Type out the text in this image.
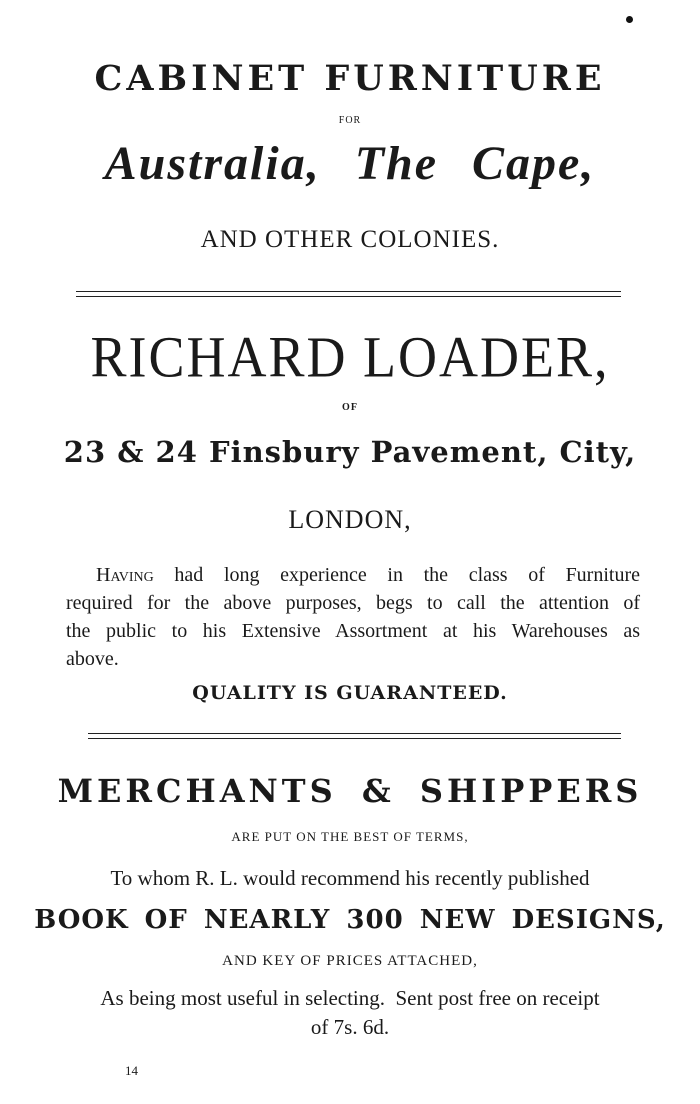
CABINET FURNITURE
FOR
Australia, The Cape,
AND OTHER COLONIES.
RICHARD LOADER,
OF
23 & 24 Finsbury Pavement, City,
LONDON,
Having had long experience in the class of Furniture
required for the above purposes, begs to call the attention of
the public to his Extensive Assortment at his Warehouses as
above.
QUALITY IS GUARANTEED.
MERCHANTS & SHIPPERS
ARE PUT ON THE BEST OF TERMS,
To whom R. L. would recommend his recently published
BOOK OF NEARLY 300 NEW DESIGNS,
AND KEY OF PRICES ATTACHED,
As being most useful in selecting.  Sent post free on receipt
of 7s. 6d.
14
